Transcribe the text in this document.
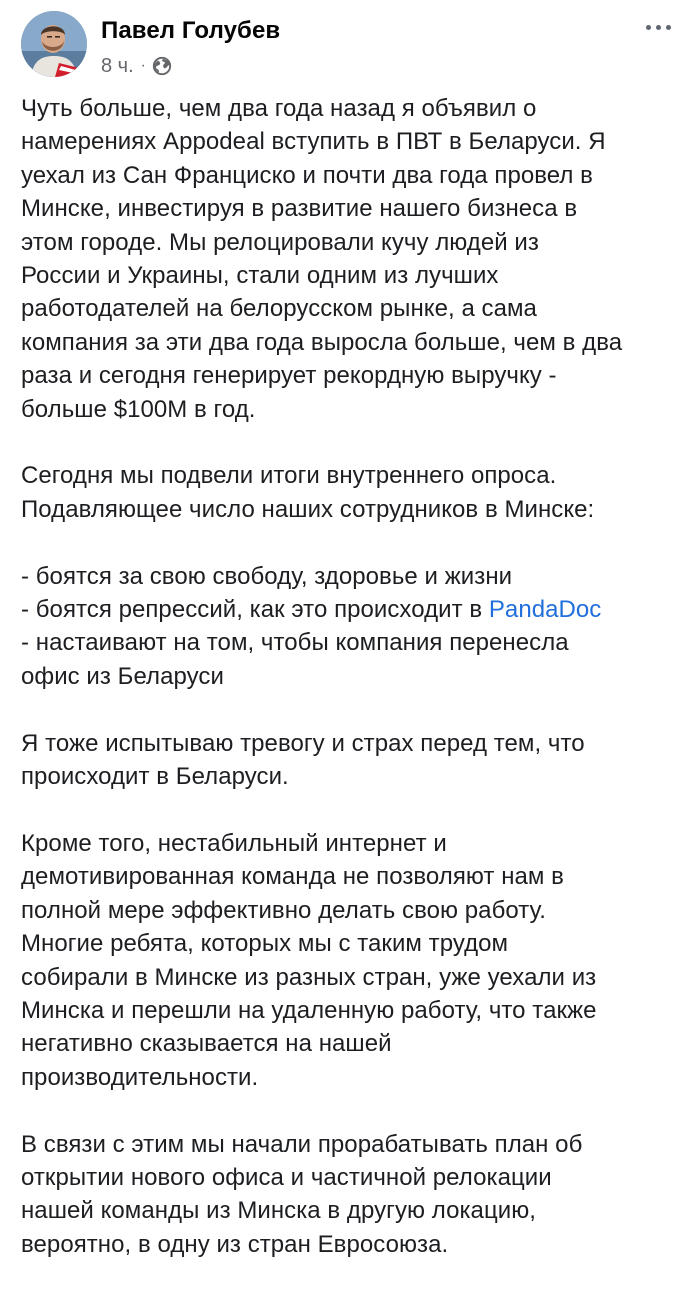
Павел Голубев
8 ч. ·
Чуть больше, чем два года назад я объявил о
намерениях Appodeal вступить в ПВТ в Беларуси. Я
уехал из Сан Франциско и почти два года провел в
Минске, инвестируя в развитие нашего бизнеса в
этом городе. Мы релоцировали кучу людей из
России и Украины, стали одним из лучших
работодателей на белорусском рынке, а сама
компания за эти два года выросла больше, чем в два
раза и сегодня генерирует рекордную выручку -
больше $100M в год.
Сегодня мы подвели итоги внутреннего опроса.
Подавляющее число наших сотрудников в Минске:
- боятся за свою свободу, здоровье и жизни
- боятся репрессий, как это происходит в PandaDoc
- настаивают на том, чтобы компания перенесла
офис из Беларуси
Я тоже испытываю тревогу и страх перед тем, что
происходит в Беларуси.
Кроме того, нестабильный интернет и
демотивированная команда не позволяют нам в
полной мере эффективно делать свою работу.
Многие ребята, которых мы с таким трудом
собирали в Минске из разных стран, уже уехали из
Минска и перешли на удаленную работу, что также
негативно сказывается на нашей
производительности.
В связи с этим мы начали прорабатывать план об
открытии нового офиса и частичной релокации
нашей команды из Минска в другую локацию,
вероятно, в одну из стран Евросоюза.
